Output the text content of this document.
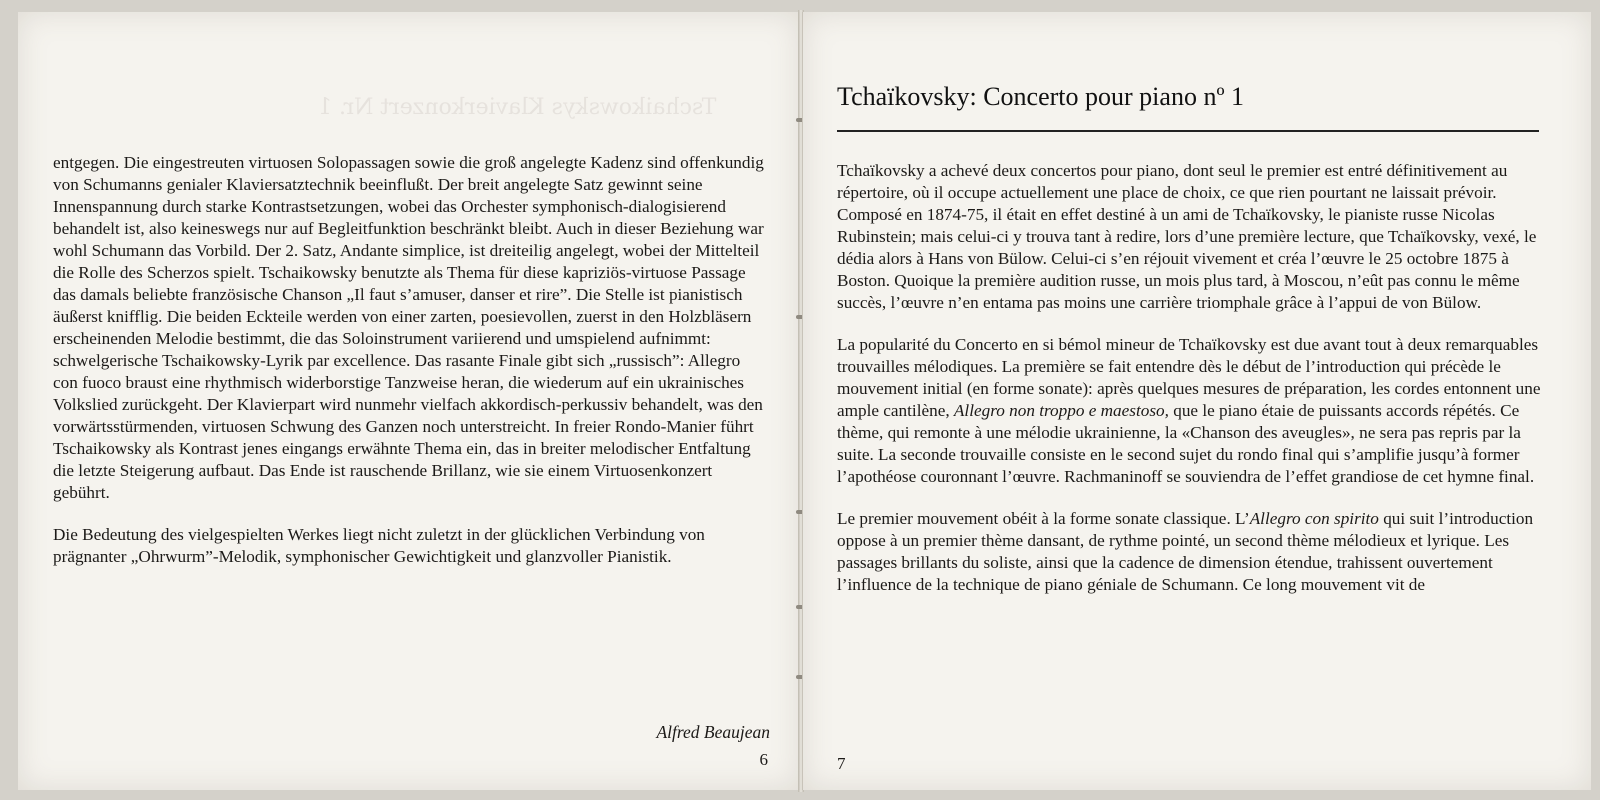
Tschaikowskys Klavierkonzert Nr. 1

entgegen. Die eingestreuten virtuosen Solopassagen sowie die groß angelegte Kadenz sind offenkundig von Schumanns genialer Klaviersatztechnik beeinflußt. Der breit angelegte Satz gewinnt seine Innenspannung durch starke Kontrastsetzungen, wobei das Orchester symphonisch-dialogisierend behandelt ist, also keineswegs nur auf Begleitfunktion beschränkt bleibt. Auch in dieser Beziehung war wohl Schumann das Vorbild. Der 2. Satz, Andante simplice, ist dreiteilig angelegt, wobei der Mittelteil die Rolle des Scherzos spielt. Tschaikowsky benutzte als Thema für diese kapriziös-virtuose Passage das damals beliebte französische Chanson „Il faut s’amuser, danser et rire”. Die Stelle ist pianistisch äußerst knifflig. Die beiden Eckteile werden von einer zarten, poesievollen, zuerst in den Holzbläsern erscheinenden Melodie bestimmt, die das Soloinstrument variierend und umspielend aufnimmt: schwelgerische Tschaikowsky-Lyrik par excellence. Das rasante Finale gibt sich „russisch”: Allegro con fuoco braust eine rhythmisch widerborstige Tanzweise heran, die wiederum auf ein ukrainisches Volkslied zurückgeht. Der Klavierpart wird nunmehr vielfach akkordisch-perkussiv behandelt, was den vorwärtsstürmenden, virtuosen Schwung des Ganzen noch unterstreicht. In freier Rondo-Manier führt Tschaikowsky als Kontrast jenes eingangs erwähnte Thema ein, das in breiter melodischer Entfaltung die letzte Steigerung aufbaut. Das Ende ist rauschende Brillanz, wie sie einem Virtuosenkonzert gebührt.

Die Bedeutung des vielgespielten Werkes liegt nicht zuletzt in der glücklichen Verbindung von prägnanter „Ohrwurm”-Melodik, symphonischer Gewichtigkeit und glanzvoller Pianistik.

Alfred Beaujean
6
Tchaïkovsky: Concerto pour piano nº 1

Tchaïkovsky a achevé deux concertos pour piano, dont seul le premier est entré définitivement au répertoire, où il occupe actuellement une place de choix, ce que rien pourtant ne laissait prévoir. Composé en 1874-75, il était en effet destiné à un ami de Tchaïkovsky, le pianiste russe Nicolas Rubinstein; mais celui-ci y trouva tant à redire, lors d’une première lecture, que Tchaïkovsky, vexé, le dédia alors à Hans von Bülow. Celui-ci s’en réjouit vivement et créa l’œuvre le 25 octobre 1875 à Boston. Quoique la première audition russe, un mois plus tard, à Moscou, n’eût pas connu le même succès, l’œuvre n’en entama pas moins une carrière triomphale grâce à l’appui de von Bülow.

La popularité du Concerto en si bémol mineur de Tchaïkovsky est due avant tout à deux remarquables trouvailles mélodiques. La première se fait entendre dès le début de l’introduction qui précède le mouvement initial (en forme sonate): après quelques mesures de préparation, les cordes entonnent une ample cantilène, Allegro non troppo e maestoso, que le piano étaie de puissants accords répétés. Ce thème, qui remonte à une mélodie ukrainienne, la «Chanson des aveugles», ne sera pas repris par la suite. La seconde trouvaille consiste en le second sujet du rondo final qui s’amplifie jusqu’à former l’apothéose couronnant l’œuvre. Rachmaninoff se souviendra de l’effet grandiose de cet hymne final.

Le premier mouvement obéit à la forme sonate classique. L’Allegro con spirito qui suit l’introduction oppose à un premier thème dansant, de rythme pointé, un second thème mélodieux et lyrique. Les passages brillants du soliste, ainsi que la cadence de dimension étendue, trahissent ouvertement l’influence de la technique de piano géniale de Schumann. Ce long mouvement vit de

7
